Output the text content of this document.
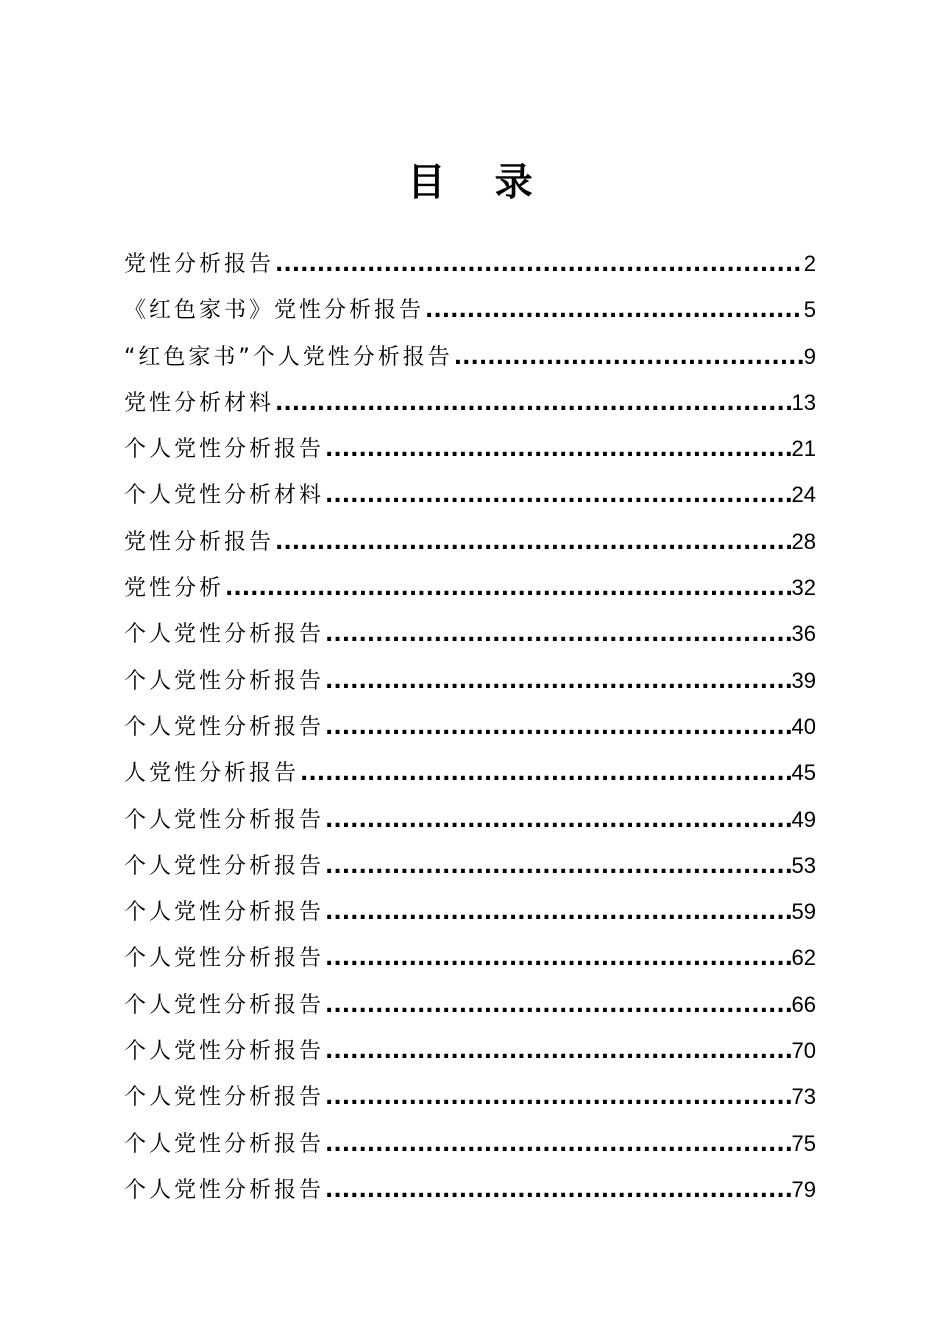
目 录
党性分析报告 .....	2
《红色家书》党性分析报告 .....	5
“红色家书”个人党性分析报告 .....	9
党性分析材料 .....	13
个人党性分析报告 .....	21
个人党性分析材料 .....	24
党性分析报告 .....	28
党性分析 .....	32
个人党性分析报告 .....	36
个人党性分析报告 .....	39
个人党性分析报告 .....	40
人党性分析报告 .....	45
个人党性分析报告 .....	49
个人党性分析报告 .....	53
个人党性分析报告 .....	59
个人党性分析报告 .....	62
个人党性分析报告 .....	66
个人党性分析报告 .....	70
个人党性分析报告 .....	73
个人党性分析报告 .....	75
个人党性分析报告 .....	79
